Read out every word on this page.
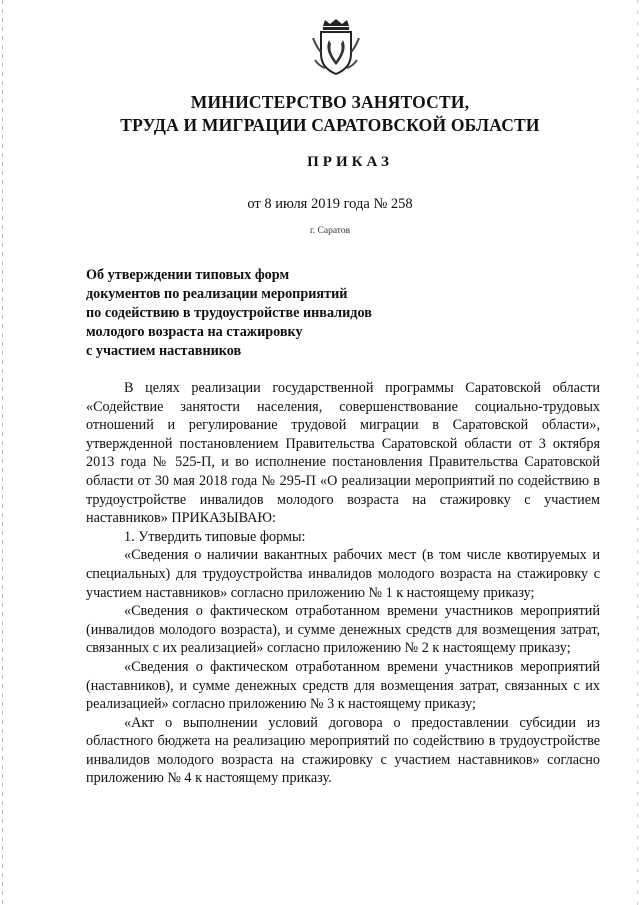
МИНИСТЕРСТВО ЗАНЯТОСТИ,
ТРУДА И МИГРАЦИИ САРАТОВСКОЙ ОБЛАСТИ
ПРИКАЗ
от 8 июля 2019 года № 258
г. Саратов
Об утверждении типовых форм
документов по реализации мероприятий
по содействию в трудоустройстве инвалидов
молодого возраста на стажировку
с участием наставников

В целях реализации государственной программы Саратовской области «Содействие занятости населения, совершенствование социально-трудовых отношений и регулирование трудовой миграции в Саратовской области», утвержденной постановлением Правительства Саратовской области от 3 октября 2013 года № 525-П, и во исполнение постановления Правительства Саратовской области от 30 мая 2018 года № 295-П «О реализации мероприятий по содействию в трудоустройстве инвалидов молодого возраста на стажировку с участием наставников» ПРИКАЗЫВАЮ:

1. Утвердить типовые формы:

«Сведения о наличии вакантных рабочих мест (в том числе квотируемых и специальных) для трудоустройства инвалидов молодого возраста на стажировку с участием наставников» согласно приложению № 1 к настоящему приказу;

«Сведения о фактическом отработанном времени участников мероприятий (инвалидов молодого возраста), и сумме денежных средств для возмещения затрат, связанных с их реализацией» согласно приложению № 2 к настоящему приказу;

«Сведения о фактическом отработанном времени участников мероприятий (наставников), и сумме денежных средств для возмещения затрат, связанных с их реализацией» согласно приложению № 3 к настоящему приказу;

«Акт о выполнении условий договора о предоставлении субсидии из областного бюджета на реализацию мероприятий по содействию в трудоустройстве инвалидов молодого возраста на стажировку с участием наставников» согласно приложению № 4 к настоящему приказу.
